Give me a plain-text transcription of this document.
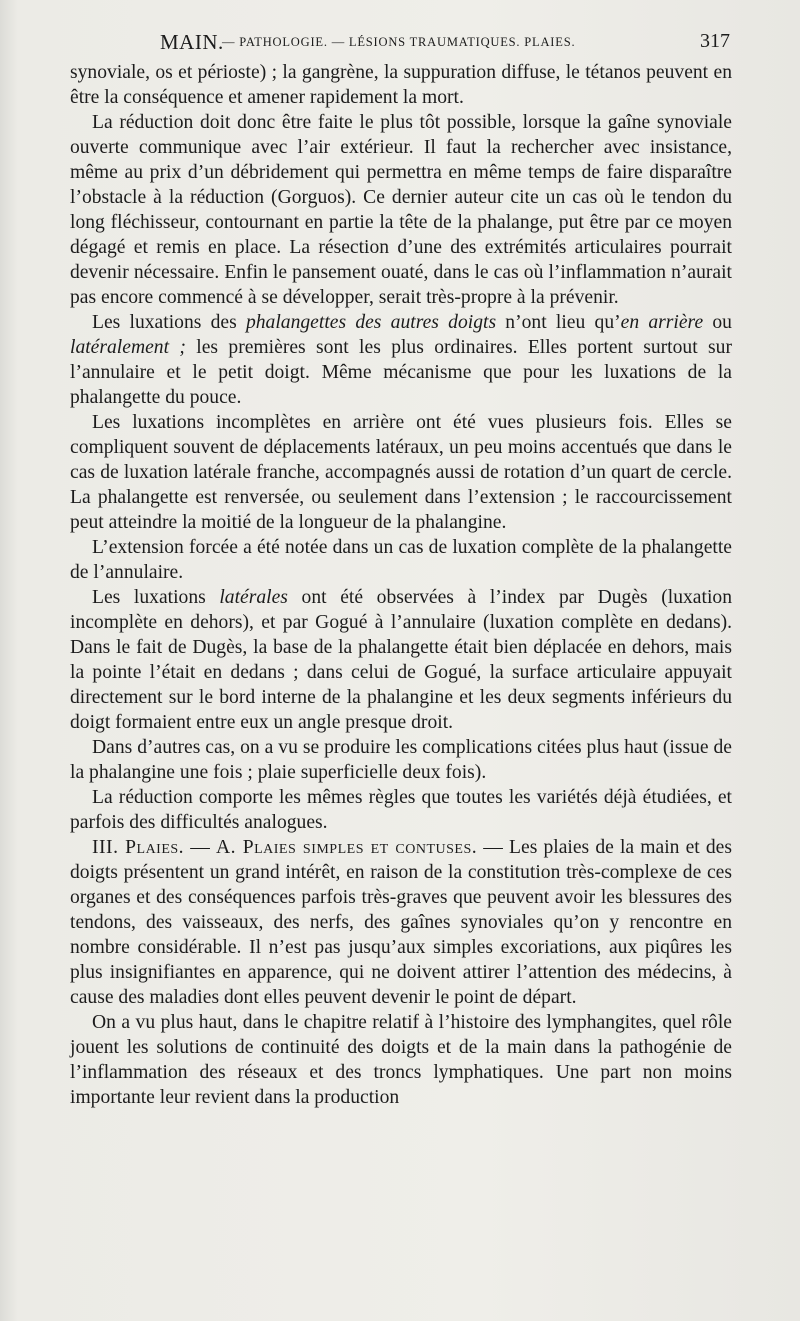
MAIN.
— PATHOLOGIE. — LÉSIONS TRAUMATIQUES. PLAIES.	317

synoviale, os et périoste) ; la gangrène, la suppuration diffuse, le tétanos peuvent en être la conséquence et amener rapidement la mort.

La réduction doit donc être faite le plus tôt possible, lorsque la gaîne synoviale ouverte communique avec l’air extérieur. Il faut la rechercher avec insistance, même au prix d’un débridement qui permettra en même temps de faire disparaître l’obstacle à la réduction (Gorguos). Ce dernier auteur cite un cas où le tendon du long fléchisseur, contournant en partie la tête de la phalange, put être par ce moyen dégagé et remis en place. La résection d’une des extrémités articulaires pourrait devenir nécessaire. Enfin le pansement ouaté, dans le cas où l’inflammation n’aurait pas encore commencé à se développer, serait très-propre à la prévenir.

Les luxations des phalangettes des autres doigts n’ont lieu qu’en arrière ou latéralement ; les premières sont les plus ordinaires. Elles portent surtout sur l’annulaire et le petit doigt. Même mécanisme que pour les luxations de la phalangette du pouce.

Les luxations incomplètes en arrière ont été vues plusieurs fois. Elles se compliquent souvent de déplacements latéraux, un peu moins accentués que dans le cas de luxation latérale franche, accompagnés aussi de rotation d’un quart de cercle. La phalangette est renversée, ou seulement dans l’extension ; le raccourcissement peut atteindre la moitié de la longueur de la phalangine.

L’extension forcée a été notée dans un cas de luxation complète de la phalangette de l’annulaire.

Les luxations latérales ont été observées à l’index par Dugès (luxation incomplète en dehors), et par Gogué à l’annulaire (luxation complète en dedans). Dans le fait de Dugès, la base de la phalangette était bien déplacée en dehors, mais la pointe l’était en dedans ; dans celui de Gogué, la surface articulaire appuyait directement sur le bord interne de la phalangine et les deux segments inférieurs du doigt formaient entre eux un angle presque droit.

Dans d’autres cas, on a vu se produire les complications citées plus haut (issue de la phalangine une fois ; plaie superficielle deux fois).

La réduction comporte les mêmes règles que toutes les variétés déjà étudiées, et parfois des difficultés analogues.

III. Plaies. — A. Plaies simples et contuses. — Les plaies de la main et des doigts présentent un grand intérêt, en raison de la constitution très-complexe de ces organes et des conséquences parfois très-graves que peuvent avoir les blessures des tendons, des vaisseaux, des nerfs, des gaînes synoviales qu’on y rencontre en nombre considérable. Il n’est pas jusqu’aux simples excoriations, aux piqûres les plus insignifiantes en apparence, qui ne doivent attirer l’attention des médecins, à cause des maladies dont elles peuvent devenir le point de départ.

On a vu plus haut, dans le chapitre relatif à l’histoire des lymphangites, quel rôle jouent les solutions de continuité des doigts et de la main dans la pathogénie de l’inflammation des réseaux et des troncs lymphatiques. Une part non moins importante leur revient dans la production
